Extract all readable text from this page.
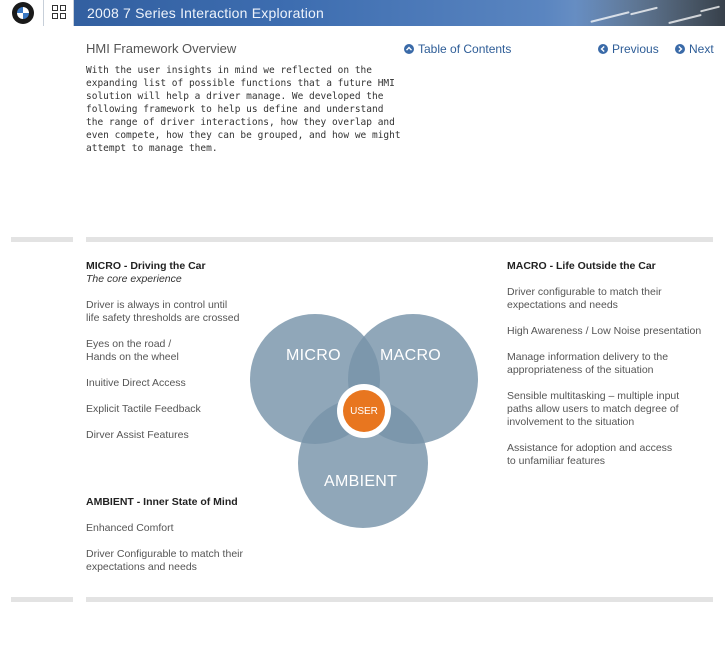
2008 7 Series Interaction Exploration
HMI Framework Overview
With the user insights in mind we reflected on the expanding list of possible functions that a future HMI solution will help a driver manage. We developed the following framework to help us define and understand the range of driver interactions, how they overlap and even compete, how they can be grouped, and how we might attempt to manage them.
Table of Contents	Previous	Next
MICRO - Driving the Car
The core experience
Driver is always in control until
life safety thresholds are crossed
Eyes on the road /
Hands on the wheel
Inuitive Direct Access
Explicit Tactile Feedback
Dirver Assist Features
AMBIENT - Inner State of Mind
Enhanced Comfort
Driver Configurable to match their
expectations and needs
MACRO - Life Outside the Car
Driver configurable to match their
expectations and needs
High Awareness / Low Noise presentation
Manage information delivery to the
appropriateness of the situation
Sensible multitasking – multiple input
paths allow users to match degree of
involvement to the situation
Assistance for adoption and access
to unfamiliar features
MICRO MACRO
AMBIENT
USER
